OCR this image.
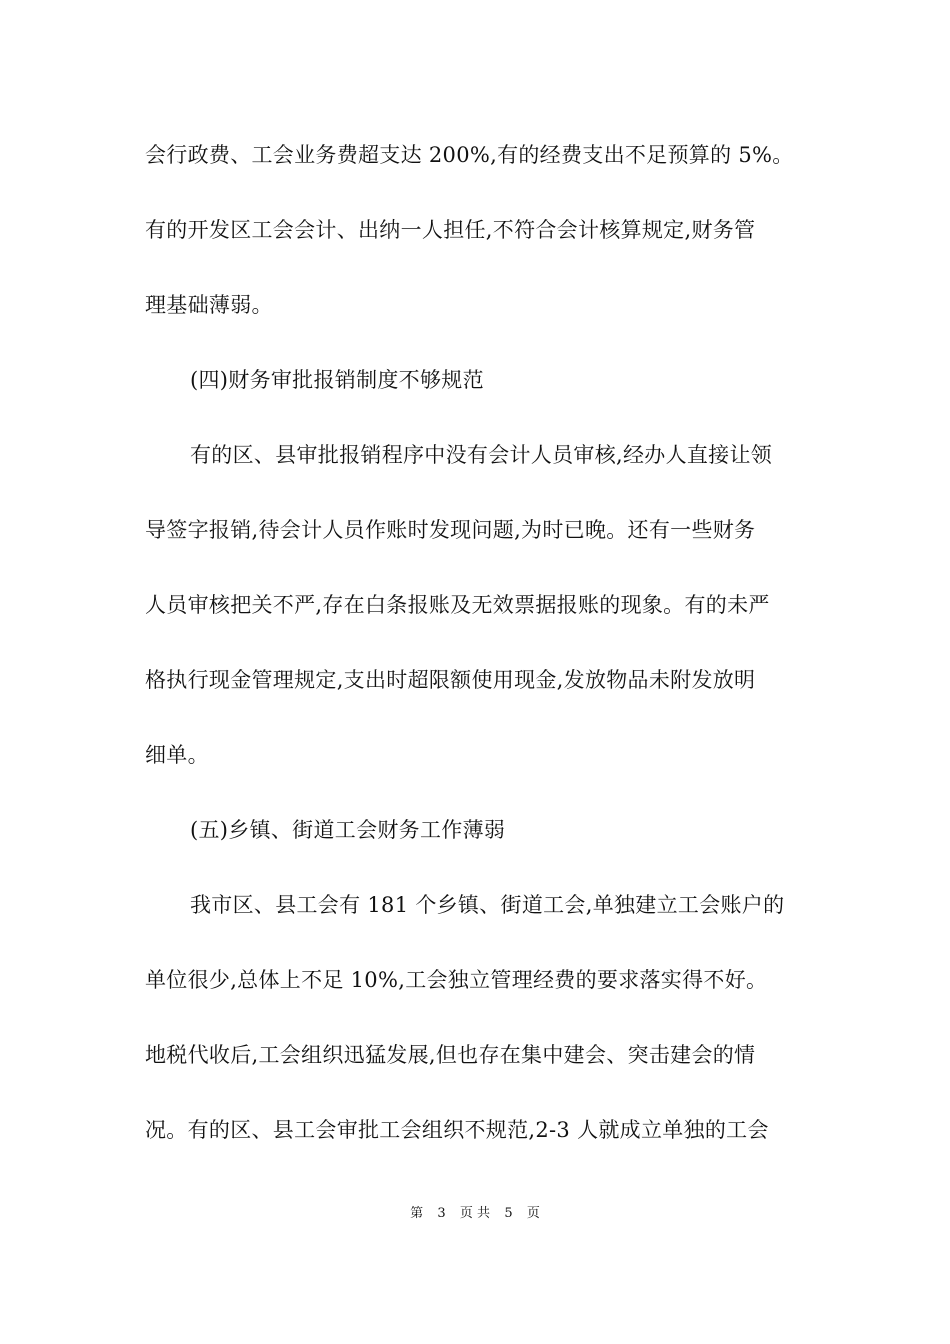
会行政费、工会业务费超支达 200%,有的经费支出不足预算的 5%。
有的开发区工会会计、出纳一人担任,不符合会计核算规定,财务管
理基础薄弱。
(四)财务审批报销制度不够规范
有的区、县审批报销程序中没有会计人员审核,经办人直接让领
导签字报销,待会计人员作账时发现问题,为时已晚。还有一些财务
人员审核把关不严,存在白条报账及无效票据报账的现象。有的未严
格执行现金管理规定,支出时超限额使用现金,发放物品未附发放明
细单。
(五)乡镇、街道工会财务工作薄弱
我市区、县工会有 181 个乡镇、街道工会,单独建立工会账户的
单位很少,总体上不足 10%,工会独立管理经费的要求落实得不好。
地税代收后,工会组织迅猛发展,但也存在集中建会、突击建会的情
况。有的区、县工会审批工会组织不规范,2-3 人就成立单独的工会
第 3 页 共 5 页
